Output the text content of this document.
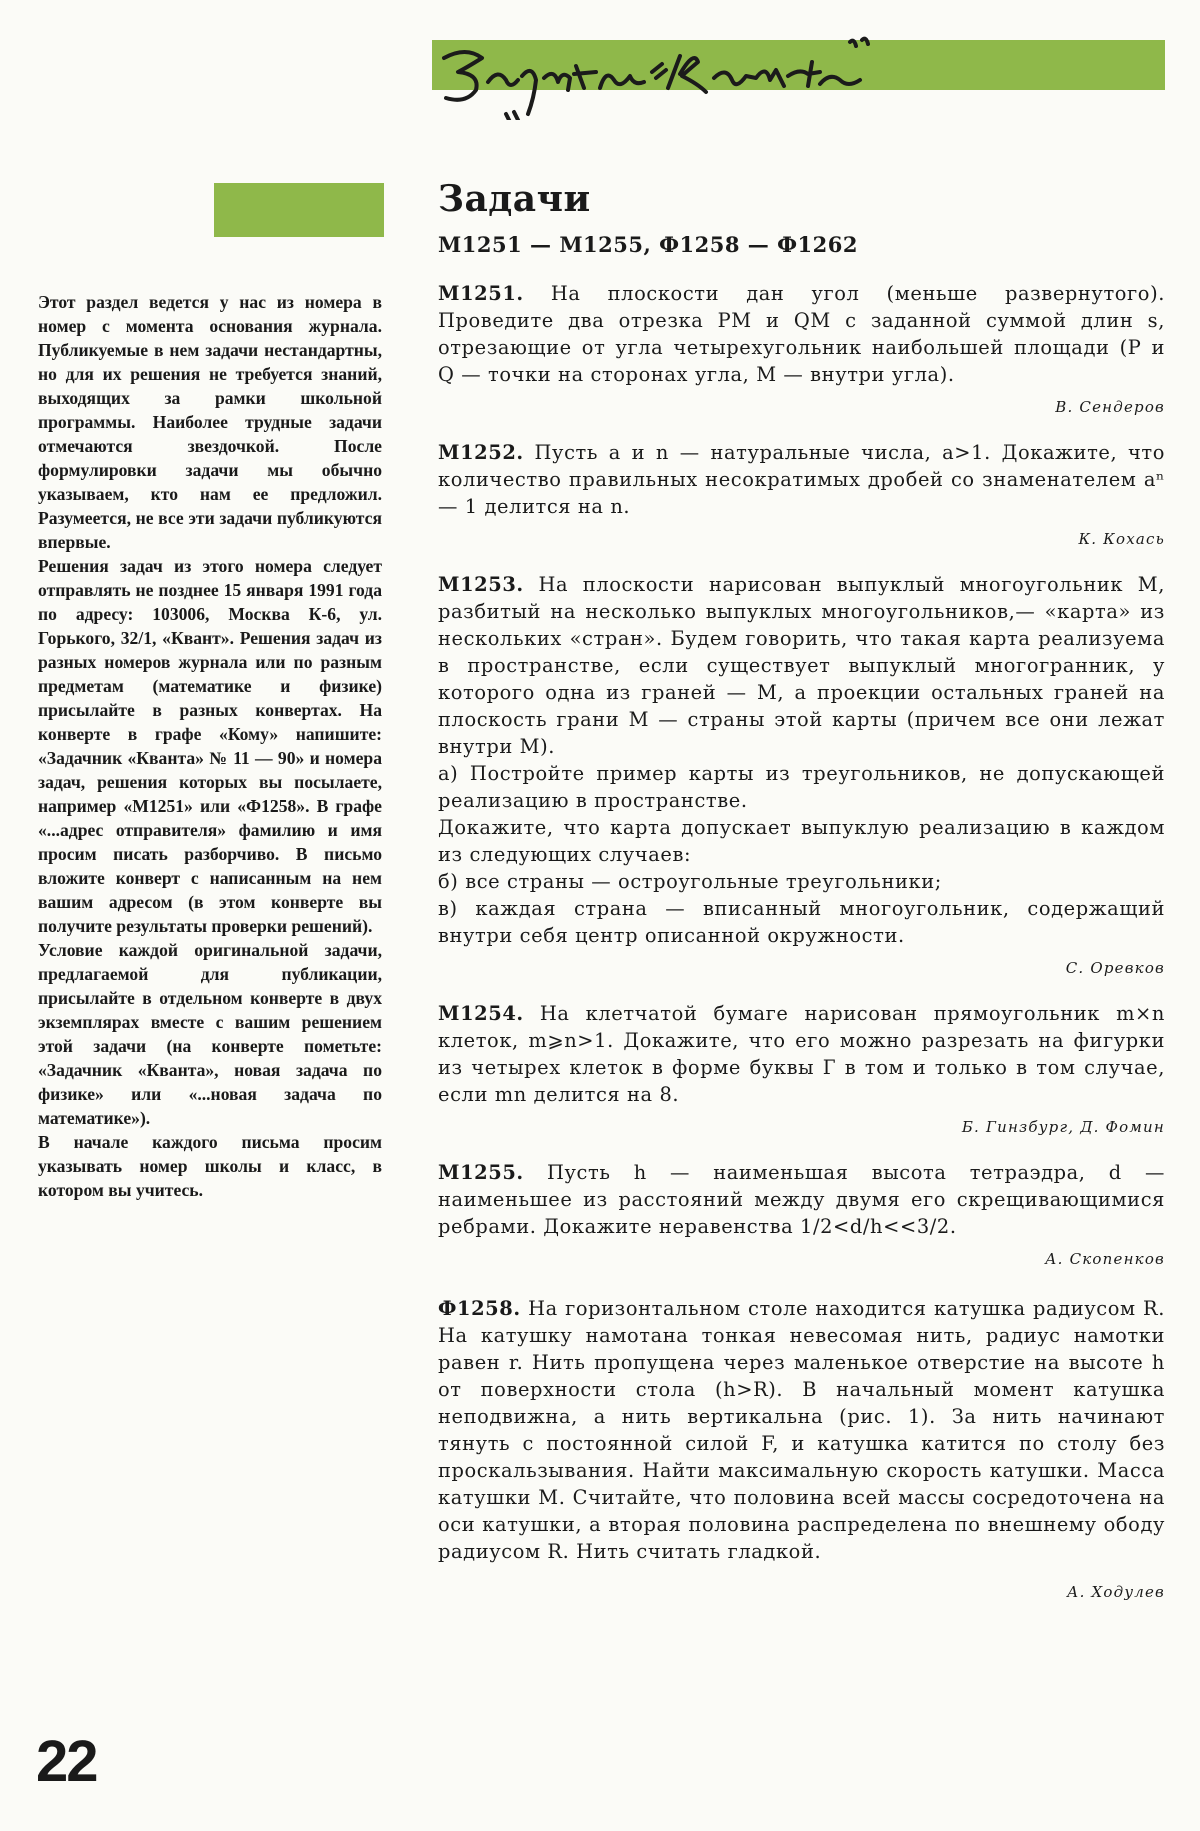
Задачи
М1251 — М1255, Ф1258 — Ф1262

Этот раздел ведется у нас из номера в номер с момента основания журнала. Публикуемые в нем задачи нестандартны, но для их решения не требуется знаний, выходящих за рамки школьной программы. Наиболее трудные задачи отмечаются звездочкой. После формулировки задачи мы обычно указываем, кто нам ее предложил. Разумеется, не все эти задачи публикуются впервые.

Решения задач из этого номера следует отправлять не позднее 15 января 1991 года по адресу: 103006, Москва К-6, ул. Горького, 32/1, «Квант». Решения задач из разных номеров журнала или по разным предметам (математике и физике) присылайте в разных конвертах. На конверте в графе «Кому» напишите: «Задачник «Кванта» № 11 — 90» и номера задач, решения которых вы посылаете, например «М1251» или «Ф1258». В графе «...адрес отправителя» фамилию и имя просим писать разборчиво. В письмо вложите конверт с написанным на нем вашим адресом (в этом конверте вы получите результаты проверки решений).

Условие каждой оригинальной задачи, предлагаемой для публикации, присылайте в отдельном конверте в двух экземплярах вместе с вашим решением этой задачи (на конверте пометьте: «Задачник «Кванта», новая задача по физике» или «...новая задача по математике»).

В начале каждого письма просим указывать номер школы и класс, в котором вы учитесь.

М1251. На плоскости дан угол (меньше развернутого). Проведите два отрезка PM и QM с заданной суммой длин s, отрезающие от угла четырехугольник наибольшей площади (P и Q — точки на сторонах угла, M — внутри угла).

В. Сендеров

М1252. Пусть a и n — натуральные числа, a>1. Докажите, что количество правильных несократимых дробей со знаменателем aⁿ — 1 делится на n.

К. Кохась

М1253. На плоскости нарисован выпуклый многоугольник M, разбитый на несколько выпуклых многоугольников,— «карта» из нескольких «стран». Будем говорить, что такая карта реализуема в пространстве, если существует выпуклый многогранник, у которого одна из граней — M, а проекции остальных граней на плоскость грани M — страны этой карты (причем все они лежат внутри M).

а) Постройте пример карты из треугольников, не допускающей реализацию в пространстве.

Докажите, что карта допускает выпуклую реализацию в каждом из следующих случаев:

б) все страны — остроугольные треугольники;

в) каждая страна — вписанный многоугольник, содержащий внутри себя центр описанной окружности.

С. Оревков

М1254. На клетчатой бумаге нарисован прямоугольник m×n клеток, m⩾n>1. Докажите, что его можно разрезать на фигурки из четырех клеток в форме буквы Г в том и только в том случае, если mn делится на 8.

Б. Гинзбург, Д. Фомин

М1255. Пусть h — наименьшая высота тетраэдра, d — наименьшее из расстояний между двумя его скрещивающимися ребрами. Докажите неравенства 1/2<d/h<<3/2.

А. Скопенков

Ф1258. На горизонтальном столе находится катушка радиусом R. На катушку намотана тонкая невесомая нить, радиус намотки равен r. Нить пропущена через маленькое отверстие на высоте h от поверхности стола (h>R). В начальный момент катушка неподвижна, а нить вертикальна (рис. 1). За нить начинают тянуть с постоянной силой F, и катушка катится по столу без проскальзывания. Найти максимальную скорость катушки. Масса катушки M. Считайте, что половина всей массы сосредоточена на оси катушки, а вторая половина распределена по внешнему ободу радиусом R. Нить считать гладкой.

А. Ходулев

22
